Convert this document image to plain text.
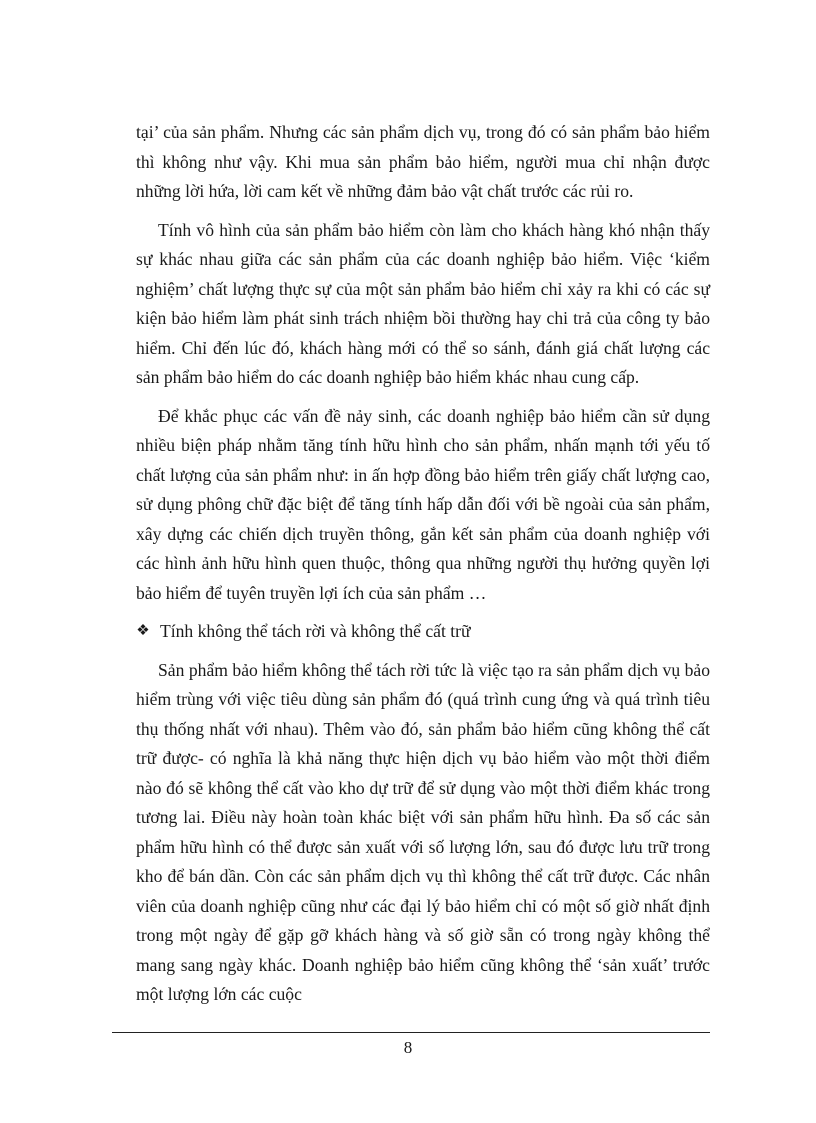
tại’ của sản phẩm. Nhưng các sản phẩm dịch vụ, trong đó có sản phẩm bảo hiểm thì không như vậy. Khi mua sản phẩm bảo hiểm, người mua chỉ nhận được những lời hứa, lời cam kết về những đảm bảo vật chất trước các rủi ro.

Tính vô hình của sản phẩm bảo hiểm còn làm cho khách hàng khó nhận thấy sự khác nhau giữa các sản phẩm của các doanh nghiệp bảo hiểm. Việc ‘kiểm nghiệm’ chất lượng thực sự của một sản phẩm bảo hiểm chỉ xảy ra khi có các sự kiện bảo hiểm làm phát sinh trách nhiệm bồi thường hay chi trả của công ty bảo hiểm. Chỉ đến lúc đó, khách hàng mới có thể so sánh, đánh giá chất lượng các sản phẩm bảo hiểm do các doanh nghiệp bảo hiểm khác nhau cung cấp.

Để khắc phục các vấn đề nảy sinh, các doanh nghiệp bảo hiểm cần sử dụng nhiều biện pháp nhằm tăng tính hữu hình cho sản phẩm, nhấn mạnh tới yếu tố chất lượng của sản phẩm như: in ấn hợp đồng bảo hiểm trên giấy chất lượng cao, sử dụng phông chữ đặc biệt để tăng tính hấp dẫn đối với bề ngoài của sản phẩm, xây dựng các chiến dịch truyền thông, gắn kết sản phẩm của doanh nghiệp với các hình ảnh hữu hình quen thuộc, thông qua những người thụ hưởng quyền lợi bảo hiểm để tuyên truyền lợi ích của sản phẩm …

❖ Tính không thể tách rời và không thể cất trữ

Sản phẩm bảo hiểm không thể tách rời tức là việc tạo ra sản phẩm dịch vụ bảo hiểm trùng với việc tiêu dùng sản phẩm đó (quá trình cung ứng và quá trình tiêu thụ thống nhất với nhau). Thêm vào đó, sản phẩm bảo hiểm cũng không thể cất trữ được- có nghĩa là khả năng thực hiện dịch vụ bảo hiểm vào một thời điểm nào đó sẽ không thể cất vào kho dự trữ để sử dụng vào một thời điểm khác trong tương lai. Điều này hoàn toàn khác biệt với sản phẩm hữu hình. Đa số các sản phẩm hữu hình có thể được sản xuất với số lượng lớn, sau đó được lưu trữ trong kho để bán dần. Còn các sản phẩm dịch vụ thì không thể cất trữ được. Các nhân viên của doanh nghiệp cũng như các đại lý bảo hiểm chỉ có một số giờ nhất định trong một ngày để gặp gỡ khách hàng và số giờ sẵn có trong ngày không thể mang sang ngày khác. Doanh nghiệp bảo hiểm cũng không thể ‘sản xuất’ trước một lượng lớn các cuộc

8
